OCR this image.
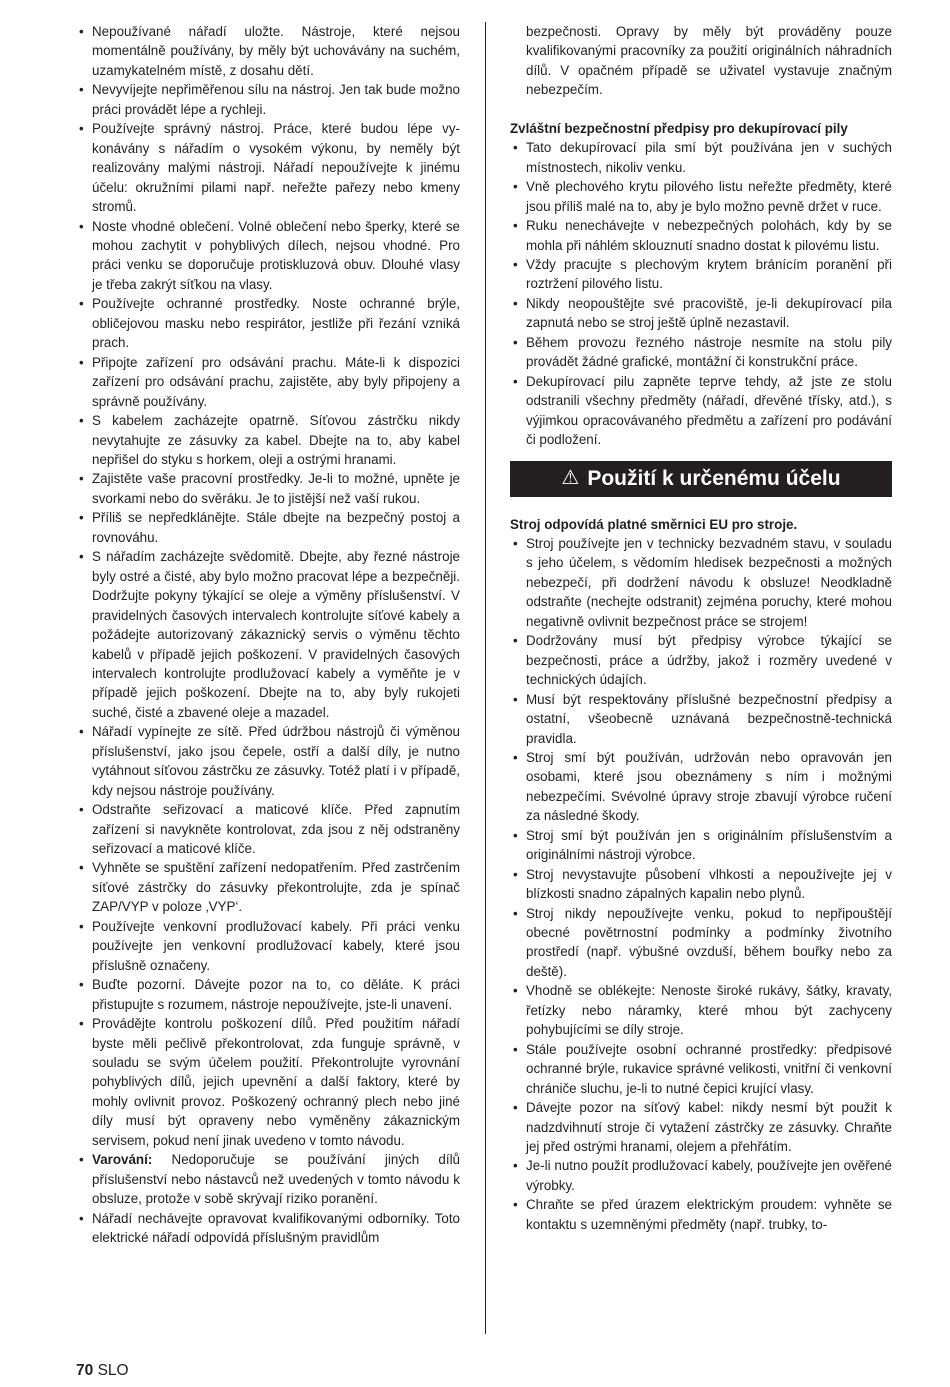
• Nepoužívané nářadí uložte. Nástroje, které nejsou momentálně používány, by měly být uchovávány na suchém, uzamykatelném místě, z dosahu dětí.
• Nevyvíjejte nepřiměřenou sílu na nástroj. Jen tak bude možno práci provádět lépe a rychleji.
• Používejte správný nástroj. Práce, které budou lépe vy-konávány s nářadím o vysokém výkonu, by neměly být realizovány malými nástroji. Nářadí nepoužívejte k jinému účelu: okružními pilami např. neřežte pařezy nebo kmeny stromů.
• Noste vhodné oblečení. Volné oblečení nebo šperky, které se mohou zachytit v pohyblivých dílech, nejsou vhodné. Pro práci venku se doporučuje protiskluzová obuv. Dlouhé vlasy je třeba zakrýt síťkou na vlasy.
• Používejte ochranné prostředky. Noste ochranné brýle, obličejovou masku nebo respirátor, jestliže při řezání vzniká prach.
• Připojte zařízení pro odsávání prachu. Máte-li k dispozici zařízení pro odsávání prachu, zajistěte, aby byly připojeny a správně používány.
• S kabelem zacházejte opatrně. Síťovou zástrčku nikdy nevytahujte ze zásuvky za kabel. Dbejte na to, aby kabel nepřišel do styku s horkem, oleji a ostrými hranami.
• Zajistěte vaše pracovní prostředky. Je-li to možné, upněte je svorkami nebo do svěráku. Je to jistější než vaší rukou.
• Příliš se nepředklánějte. Stále dbejte na bezpečný postoj a rovnováhu.
• S nářadím zacházejte svědomitě. Dbejte, aby řezné nástroje byly ostré a čisté, aby bylo možno pracovat lépe a bezpečněji. Dodržujte pokyny týkající se oleje a výměny příslušenství. V pravidelných časových intervalech kontrolujte síťové kabely a požádejte autorizovaný zákaznický servis o výměnu těchto kabelů v případě jejich poškození. V pravidelných časových intervalech kontrolujte prodlužovací kabely a vyměňte je v případě jejich poškození. Dbejte na to, aby byly rukojeti suché, čisté a zbavené oleje a mazadel.
• Nářadí vypínejte ze sítě. Před údržbou nástrojů či výměnou příslušenství, jako jsou čepele, ostří a další díly, je nutno vytáhnout síťovou zástrčku ze zásuvky. Totéž platí i v případě, kdy nejsou nástroje používány.
• Odstraňte seřizovací a maticové klíče. Před zapnutím zařízení si navykněte kontrolovat, zda jsou z něj odstraněny seřizovací a maticové klíče.
• Vyhněte se spuštění zařízení nedopatřením. Před zastrčením síťové zástrčky do zásuvky překontrolujte, zda je spínač ZAP/VYP v poloze ‚VYP‘.
• Používejte venkovní prodlužovací kabely. Při práci venku používejte jen venkovní prodlužovací kabely, které jsou příslušně označeny.
• Buďte pozorní. Dávejte pozor na to, co děláte. K práci přistupujte s rozumem, nástroje nepoužívejte, jste-li unavení.
• Provádějte kontrolu poškození dílů. Před použitím nářadí byste měli pečlivě překontrolovat, zda funguje správně, v souladu se svým účelem použití. Překontrolujte vyrovnání pohyblivých dílů, jejich upevnění a další faktory, které by mohly ovlivnit provoz. Poškozený ochranný plech nebo jiné díly musí být opraveny nebo vyměněny zákaznickým servisem, pokud není jinak uvedeno v tomto návodu.
• Varování: Nedoporučuje se používání jiných dílů příslušenství nebo nástavců než uvedených v tomto návodu k obsluze, protože v sobě skrývají riziko poranění.
• Nářadí nechávejte opravovat kvalifikovanými odborníky. Toto elektrické nářadí odpovídá příslušným pravidlům

bezpečnosti. Opravy by měly být prováděny pouze kvalifikovanými pracovníky za použití originálních náhradních dílů. V opačném případě se uživatel vystavuje značným nebezpečím.

Zvláštní bezpečnostní předpisy pro dekupírovací pily

• Tato dekupírovací pila smí být používána jen v suchých místnostech, nikoliv venku.
• Vně plechového krytu pilového listu neřežte předměty, které jsou příliš malé na to, aby je bylo možno pevně držet v ruce.
• Ruku nenechávejte v nebezpečných polohách, kdy by se mohla při náhlém sklouznutí snadno dostat k pilovému listu.
• Vždy pracujte s plechovým krytem bránícím poranění při roztržení pilového listu.
• Nikdy neopouštějte své pracoviště, je-li dekupírovací pila zapnutá nebo se stroj ještě úplně nezastavil.
• Během provozu řezného nástroje nesmíte na stolu pily provádět žádné grafické, montážní či konstrukční práce.
• Dekupírovací pilu zapněte teprve tehdy, až jste ze stolu odstranili všechny předměty (nářadí, dřevěné třísky, atd.), s výjimkou opracovávaného předmětu a zařízení pro podávání či podložení.
⚠ Použití k určenému účelu

Stroj odpovídá platné směrnici EU pro stroje.

• Stroj používejte jen v technicky bezvadném stavu, v souladu s jeho účelem, s vědomím hledisek bezpečnosti a možných nebezpečí, při dodržení návodu k obsluze! Neodkladně odstraňte (nechejte odstranit) zejména poruchy, které mohou negativně ovlivnit bezpečnost práce se strojem!
• Dodržovány musí být předpisy výrobce týkající se bezpečnosti, práce a údržby, jakož i rozměry uvedené v technických údajích.
• Musí být respektovány příslušné bezpečnostní předpisy a ostatní, všeobecně uznávaná bezpečnostně-technická pravidla.
• Stroj smí být používán, udržován nebo opravován jen osobami, které jsou obeznámeny s ním i možnými nebezpečími. Svévolné úpravy stroje zbavují výrobce ručení za následné škody.
• Stroj smí být používán jen s originálním příslušenstvím a originálními nástroji výrobce.
• Stroj nevystavujte působení vlhkosti a nepoužívejte jej v blízkosti snadno zápalných kapalin nebo plynů.
• Stroj nikdy nepoužívejte venku, pokud to nepřipouštějí obecné povětrnostní podmínky a podmínky životního prostředí (např. výbušné ovzduší, během bouřky nebo za deště).
• Vhodně se oblékejte: Nenoste široké rukávy, šátky, kravaty, řetízky nebo náramky, které mhou být zachyceny pohybujícími se díly stroje.
• Stále používejte osobní ochranné prostředky: předpisové ochranné brýle, rukavice správné velikosti, vnitřní či venkovní chrániče sluchu, je-li to nutné čepici krující vlasy.
• Dávejte pozor na síťový kabel: nikdy nesmí být použit k nadzdvihnutí stroje či vytažení zástrčky ze zásuvky. Chraňte jej před ostrými hranami, olejem a přehřátím.
• Je-li nutno použít prodlužovací kabely, používejte jen ověřené výrobky.
• Chraňte se před úrazem elektrickým proudem: vyhněte se kontaktu s uzemněnými předměty (např. trubky, to-
70 SLO
